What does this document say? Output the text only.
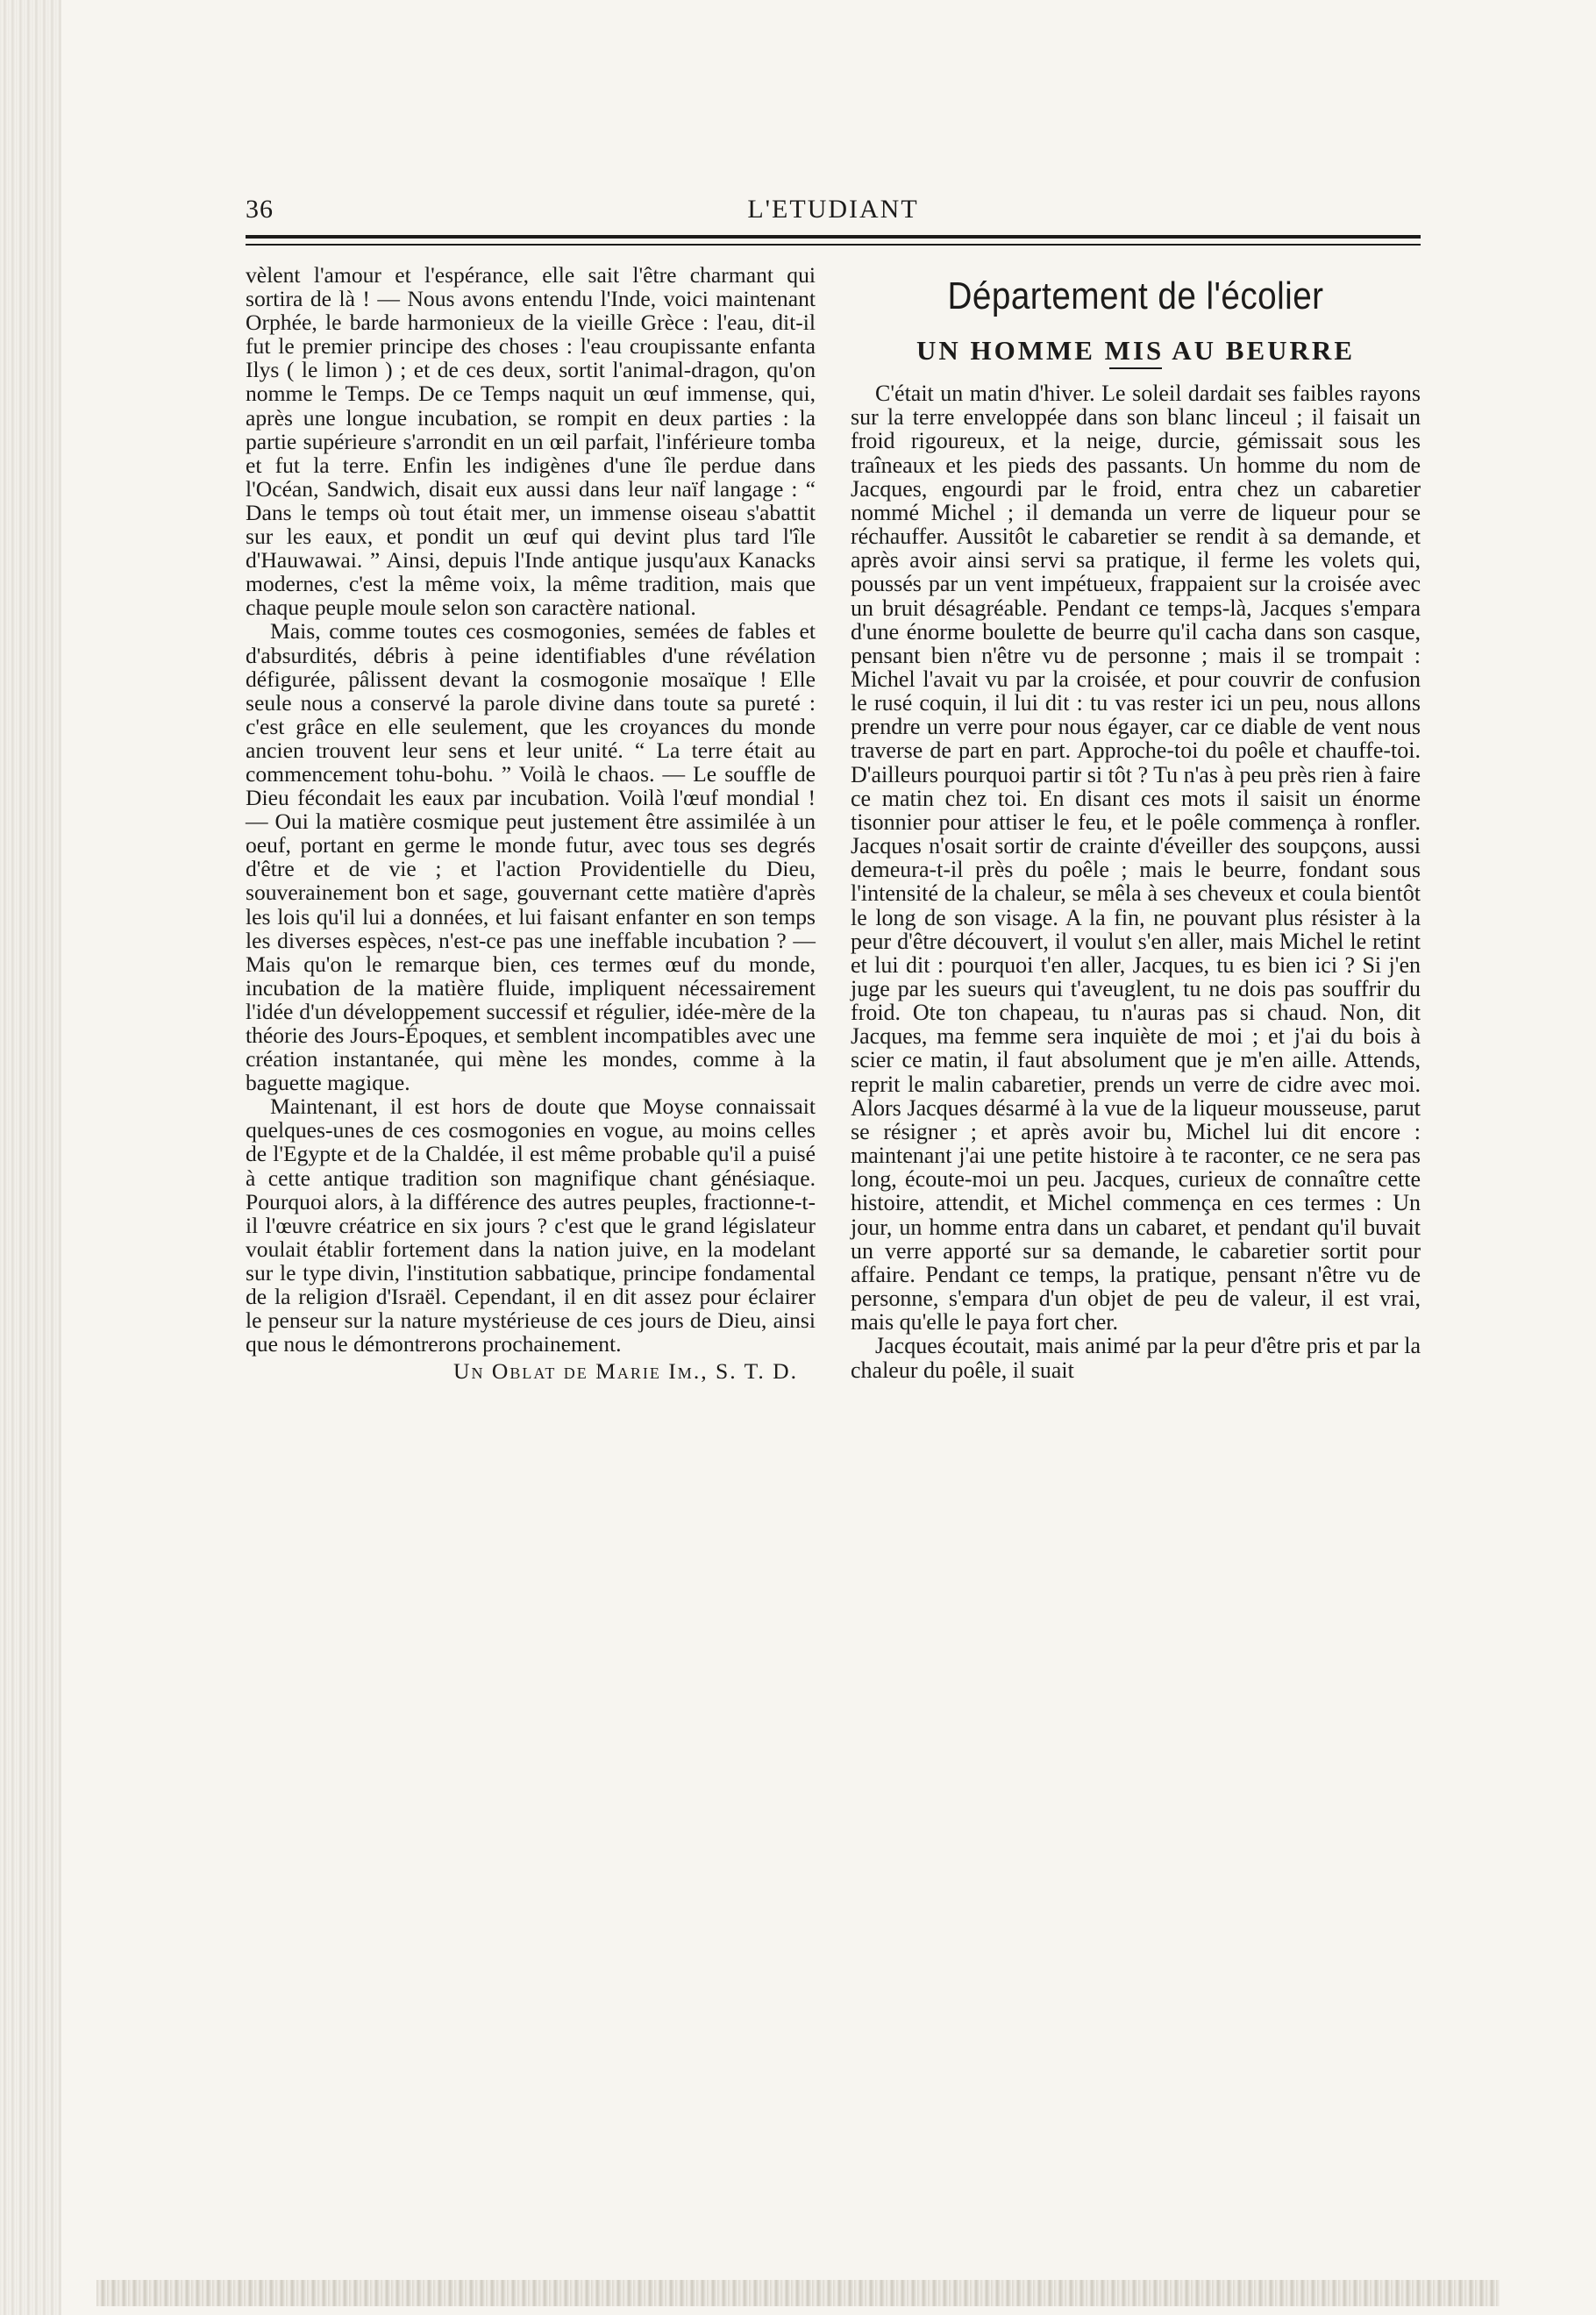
36	L'ETUDIANT

vèlent l'amour et l'espérance, elle sait l'être charmant qui sortira de là ! — Nous avons entendu l'Inde, voici maintenant Orphée, le barde harmonieux de la vieille Grèce : l'eau, dit-il fut le premier principe des choses : l'eau croupissante enfanta Ilys ( le limon ) ; et de ces deux, sortit l'animal-dragon, qu'on nomme le Temps. De ce Temps naquit un œuf immense, qui, après une longue incubation, se rompit en deux parties : la partie supérieure s'arrondit en un œil parfait, l'inférieure tomba et fut la terre. Enfin les indigènes d'une île perdue dans l'Océan, Sandwich, disait eux aussi dans leur naïf langage : “ Dans le temps où tout était mer, un immense oiseau s'abattit sur les eaux, et pondit un œuf qui devint plus tard l'île d'Hauwawai. ” Ainsi, depuis l'Inde antique jusqu'aux Kanacks modernes, c'est la même voix, la même tradition, mais que chaque peuple moule selon son caractère national.

Mais, comme toutes ces cosmogonies, semées de fables et d'absurdités, débris à peine identifiables d'une révélation défigurée, pâlissent devant la cosmogonie mosaïque ! Elle seule nous a conservé la parole divine dans toute sa pureté : c'est grâce en elle seulement, que les croyances du monde ancien trouvent leur sens et leur unité. “ La terre était au commencement tohu-bohu. ” Voilà le chaos. — Le souffle de Dieu fécondait les eaux par incubation. Voilà l'œuf mondial ! — Oui la matière cosmique peut justement être assimilée à un oeuf, portant en germe le monde futur, avec tous ses degrés d'être et de vie ; et l'action Providentielle du Dieu, souverainement bon et sage, gouvernant cette matière d'après les lois qu'il lui a données, et lui faisant enfanter en son temps les diverses espèces, n'est-ce pas une ineffable incubation ? — Mais qu'on le remarque bien, ces termes œuf du monde, incubation de la matière fluide, impliquent nécessairement l'idée d'un développement successif et régulier, idée-mère de la théorie des Jours-Époques, et semblent incompatibles avec une création instantanée, qui mène les mondes, comme à la baguette magique.

Maintenant, il est hors de doute que Moyse connaissait quelques-unes de ces cosmogonies en vogue, au moins celles de l'Egypte et de la Chaldée, il est même probable qu'il a puisé à cette antique tradition son magnifique chant génésiaque. Pourquoi alors, à la différence des autres peuples, fractionne-t-il l'œuvre créatrice en six jours ? c'est que le grand législateur voulait établir fortement dans la nation juive, en la modelant sur le type divin, l'institution sabbatique, principe fondamental de la religion d'Israël. Cependant, il en dit assez pour éclairer le penseur sur la nature mystérieuse de ces jours de Dieu, ainsi que nous le démontrerons prochainement.

Un Oblat de Marie Im., S. T. D.
Département de l'écolier
UN HOMME MIS AU BEURRE

C'était un matin d'hiver. Le soleil dardait ses faibles rayons sur la terre enveloppée dans son blanc linceul ; il faisait un froid rigoureux, et la neige, durcie, gémissait sous les traîneaux et les pieds des passants. Un homme du nom de Jacques, engourdi par le froid, entra chez un cabaretier nommé Michel ; il demanda un verre de liqueur pour se réchauffer. Aussitôt le cabaretier se rendit à sa demande, et après avoir ainsi servi sa pratique, il ferme les volets qui, poussés par un vent impétueux, frappaient sur la croisée avec un bruit désagréable. Pendant ce temps-là, Jacques s'empara d'une énorme boulette de beurre qu'il cacha dans son casque, pensant bien n'être vu de personne ; mais il se trompait : Michel l'avait vu par la croisée, et pour couvrir de confusion le rusé coquin, il lui dit : tu vas rester ici un peu, nous allons prendre un verre pour nous égayer, car ce diable de vent nous traverse de part en part. Approche-toi du poêle et chauffe-toi. D'ailleurs pourquoi partir si tôt ? Tu n'as à peu près rien à faire ce matin chez toi. En disant ces mots il saisit un énorme tisonnier pour attiser le feu, et le poêle commença à ronfler. Jacques n'osait sortir de crainte d'éveiller des soupçons, aussi demeura-t-il près du poêle ; mais le beurre, fondant sous l'intensité de la chaleur, se mêla à ses cheveux et coula bientôt le long de son visage. A la fin, ne pouvant plus résister à la peur d'être découvert, il voulut s'en aller, mais Michel le retint et lui dit : pourquoi t'en aller, Jacques, tu es bien ici ? Si j'en juge par les sueurs qui t'aveuglent, tu ne dois pas souffrir du froid. Ote ton chapeau, tu n'auras pas si chaud. Non, dit Jacques, ma femme sera inquiète de moi ; et j'ai du bois à scier ce matin, il faut absolument que je m'en aille. Attends, reprit le malin cabaretier, prends un verre de cidre avec moi. Alors Jacques désarmé à la vue de la liqueur mousseuse, parut se résigner ; et après avoir bu, Michel lui dit encore : maintenant j'ai une petite histoire à te raconter, ce ne sera pas long, écoute-moi un peu. Jacques, curieux de connaître cette histoire, attendit, et Michel commença en ces termes : Un jour, un homme entra dans un cabaret, et pendant qu'il buvait un verre apporté sur sa demande, le cabaretier sortit pour affaire. Pendant ce temps, la pratique, pensant n'être vu de personne, s'empara d'un objet de peu de valeur, il est vrai, mais qu'elle le paya fort cher.

Jacques écoutait, mais animé par la peur d'être pris et par la chaleur du poêle, il suait
